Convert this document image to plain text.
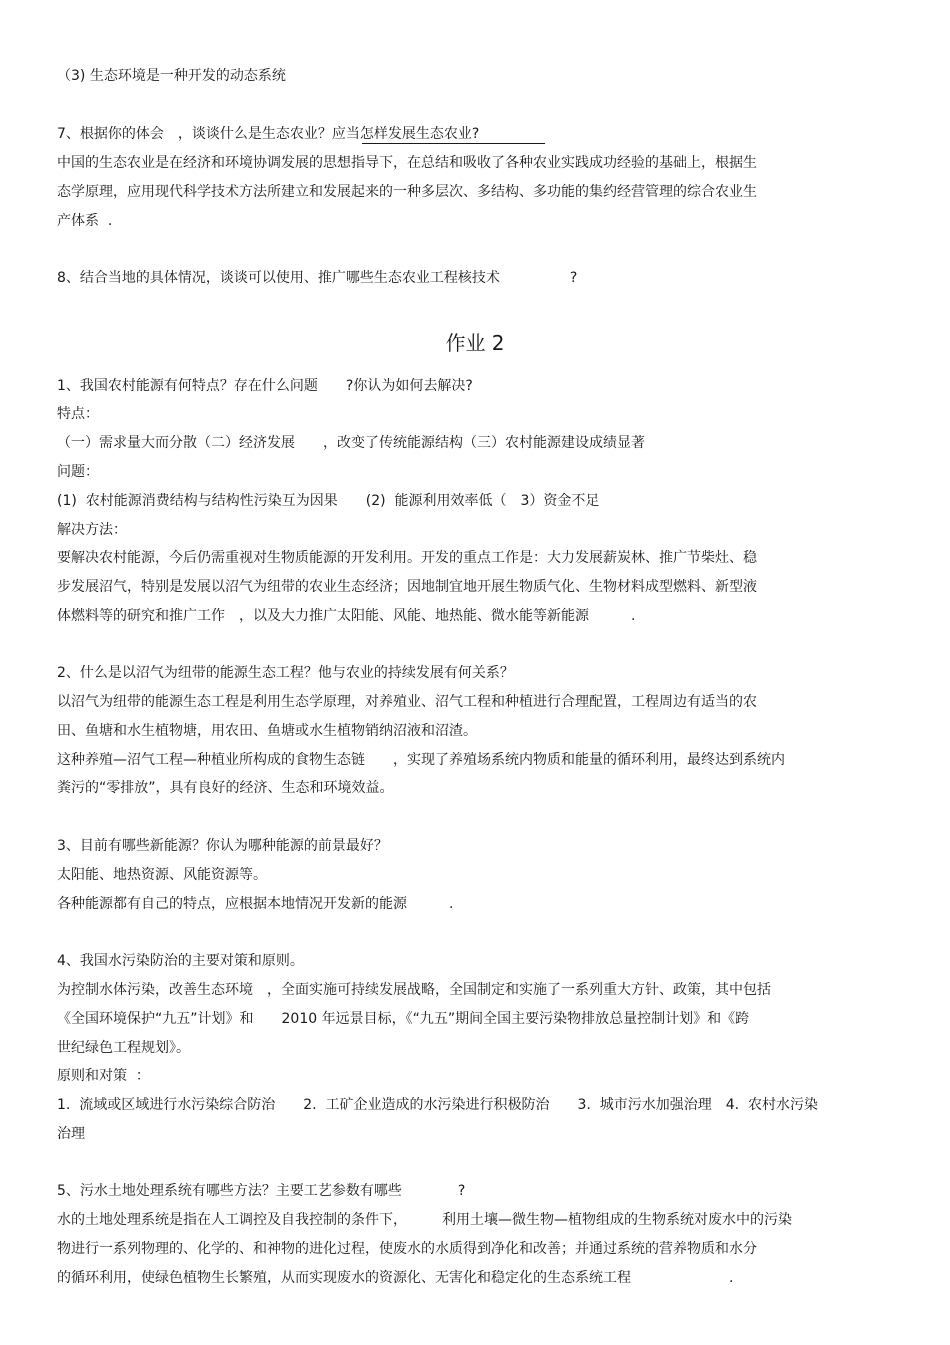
（3) 生态环境是一种开发的动态系统
7、根据你的体会　，谈谈什么是生态农业？应当怎样发展生态农业?
中国的生态农业是在经济和环境协调发展的思想指导下，在总结和吸收了各种农业实践成功经验的基础上，根据生
态学原理，应用现代科学技术方法所建立和发展起来的一种多层次、多结构、多功能的集约经营管理的综合农业生
产体系  .
8、结合当地的具体情况，谈谈可以使用、推广哪些生态农业工程核技术　　　　　?
作业 2
1、我国农村能源有何特点？存在什么问题　　?你认为如何去解决?
特点：
（一）需求量大而分散（二）经济发展　　，改变了传统能源结构（三）农村能源建设成绩显著
问题：
(1)  农村能源消费结构与结构性污染互为因果　　(2)  能源利用效率低（　3）资金不足
解决方法：
要解决农村能源，今后仍需重视对生物质能源的开发利用。开发的重点工作是：大力发展薪炭林、推广节柴灶、稳
步发展沼气，特别是发展以沼气为纽带的农业生态经济；因地制宜地开展生物质气化、生物材料成型燃料、新型液
体燃料等的研究和推广工作　，以及大力推广太阳能、风能、地热能、微水能等新能源　　　.
2、什么是以沼气为纽带的能源生态工程？他与农业的持续发展有何关系？
以沼气为纽带的能源生态工程是利用生态学原理，对养殖业、沼气工程和种植进行合理配置，工程周边有适当的农
田、鱼塘和水生植物塘，用农田、鱼塘或水生植物销纳沼液和沼渣。
这种养殖—沼气工程—种植业所构成的食物生态链　　，实现了养殖场系统内物质和能量的循环利用，最终达到系统内
粪污的“零排放”，具有良好的经济、生态和环境效益。
3、目前有哪些新能源？你认为哪种能源的前景最好？
太阳能、地热资源、风能资源等。
各种能源都有自己的特点，应根据本地情况开发新的能源　　　.
4、我国水污染防治的主要对策和原则。
为控制水体污染，改善生态环境　，全面实施可持续发展战略，全国制定和实施了一系列重大方针、政策，其中包括
《全国环境保护“九五”计划》和　　2010 年远景目标，《“九五”期间全国主要污染物排放总量控制计划》和《跨
世纪绿色工程规划》。
原则和对策  ：
1.  流域或区域进行水污染综合防治　　2.  工矿企业造成的水污染进行积极防治　　3.  城市污水加强治理　4.  农村水污染
治理
5、污水土地处理系统有哪些方法？主要工艺参数有哪些　　　　?
水的土地处理系统是指在人工调控及自我控制的条件下，　　　利用土壤—微生物—植物组成的生物系统对废水中的污染
物进行一系列物理的、化学的、和神物的进化过程，使废水的水质得到净化和改善；并通过系统的营养物质和水分
的循环利用，使绿色植物生长繁殖，从而实现废水的资源化、无害化和稳定化的生态系统工程　　　　　　　.
